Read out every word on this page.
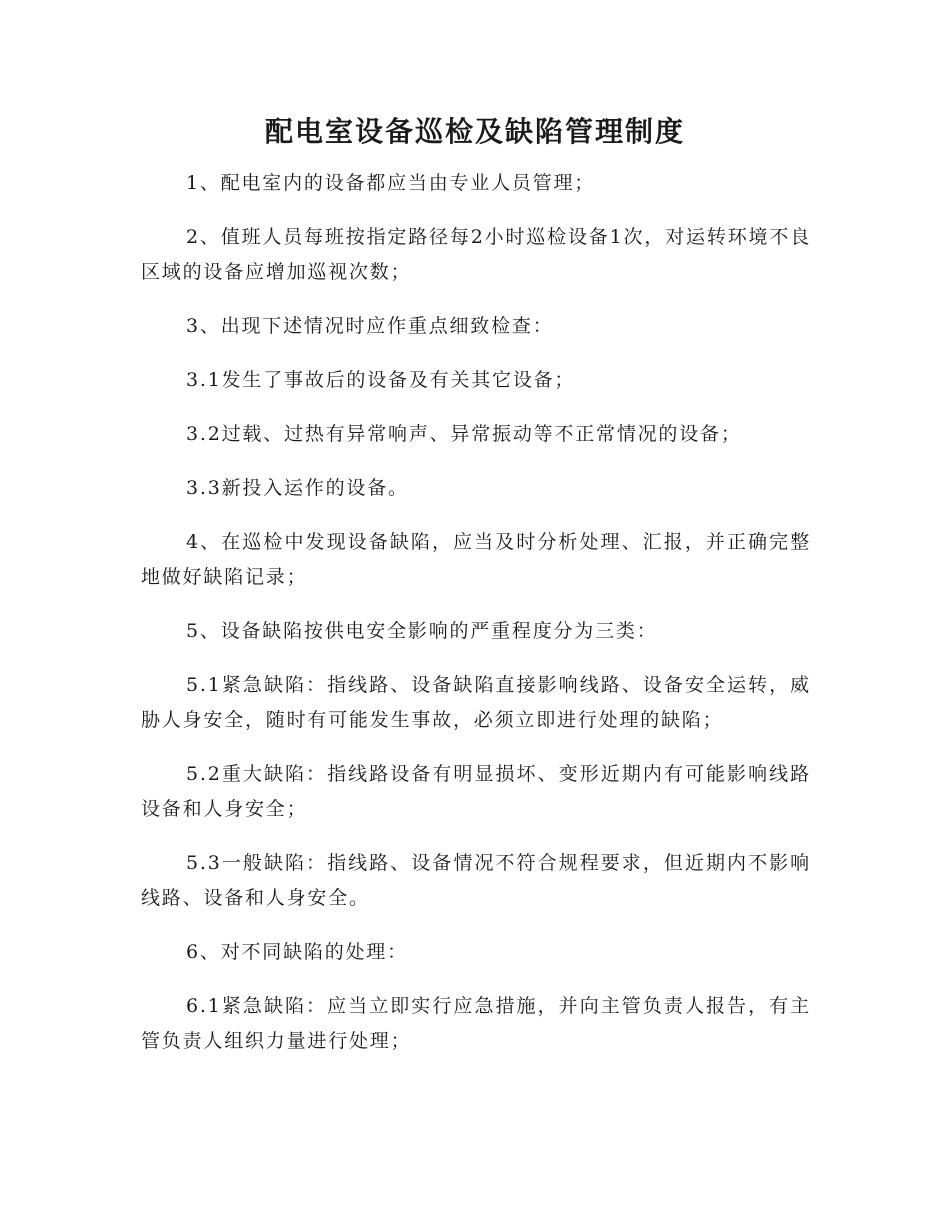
配电室设备巡检及缺陷管理制度

1、配电室内的设备都应当由专业人员管理；

2、值班人员每班按指定路径每2小时巡检设备1次，对运转环境不良区域的设备应增加巡视次数；

3、出现下述情况时应作重点细致检查：

3.1发生了事故后的设备及有关其它设备；

3.2过载、过热有异常响声、异常振动等不正常情况的设备；

3.3新投入运作的设备。

4、在巡检中发现设备缺陷，应当及时分析处理、汇报，并正确完整地做好缺陷记录；

5、设备缺陷按供电安全影响的严重程度分为三类：

5.1紧急缺陷：指线路、设备缺陷直接影响线路、设备安全运转，威胁人身安全，随时有可能发生事故，必须立即进行处理的缺陷；

5.2重大缺陷：指线路设备有明显损坏、变形近期内有可能影响线路设备和人身安全；

5.3一般缺陷：指线路、设备情况不符合规程要求，但近期内不影响线路、设备和人身安全。

6、对不同缺陷的处理：

6.1紧急缺陷：应当立即实行应急措施，并向主管负责人报告，有主管负责人组织力量进行处理；
